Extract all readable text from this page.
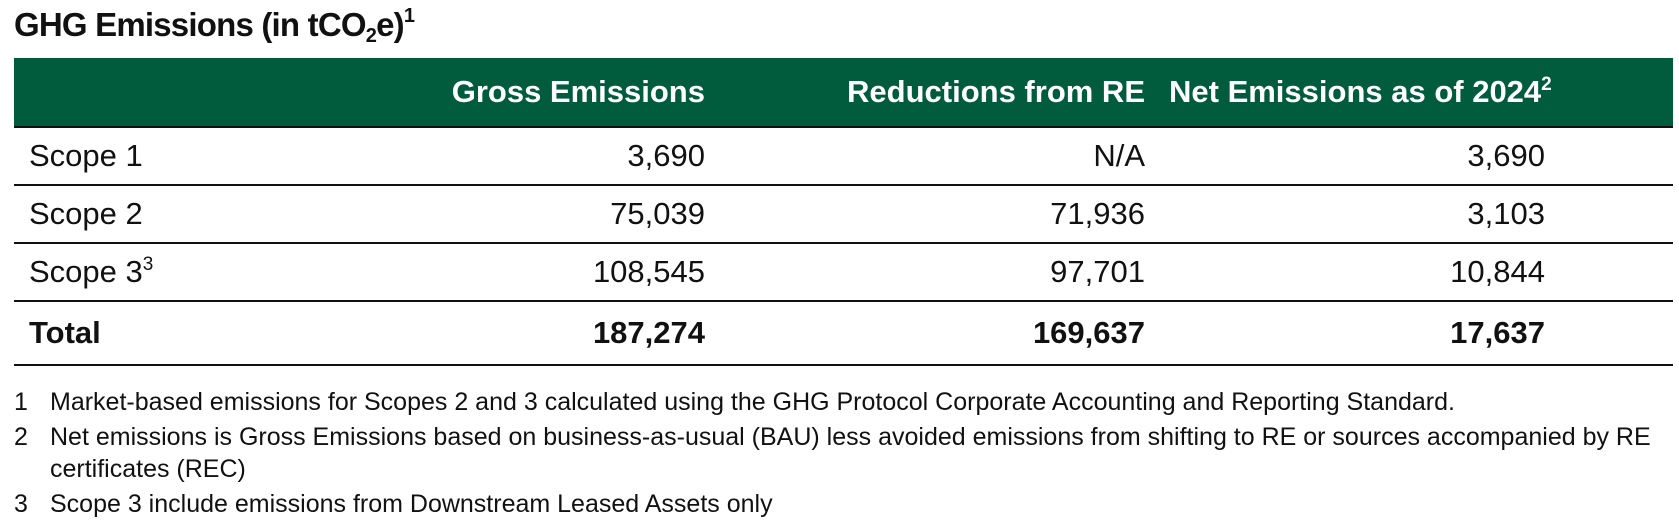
GHG Emissions (in tCO$_2$e)$^1$
	Gross Emissions	Reductions from RE	Net Emissions as of 2024$^2$
Scope 1	3,690	N/A	3,690	
Scope 2	75,039	71,936	3,103	
Scope $3^3$	108,545	97,701	10,844	
Total	187,274	169,637	17,637	
1 Market-based emissions for Scopes 2 and 3 calculated using the GHG Protocol Corporate Accounting and Reporting Standard.
2 Net emissions is Gross Emissions based on business-as-usual (BAU) less avoided emissions from shifting to RE or sources accompanied by RE certificates (REC)
3 Scope 3 include emissions from Downstream Leased Assets only
